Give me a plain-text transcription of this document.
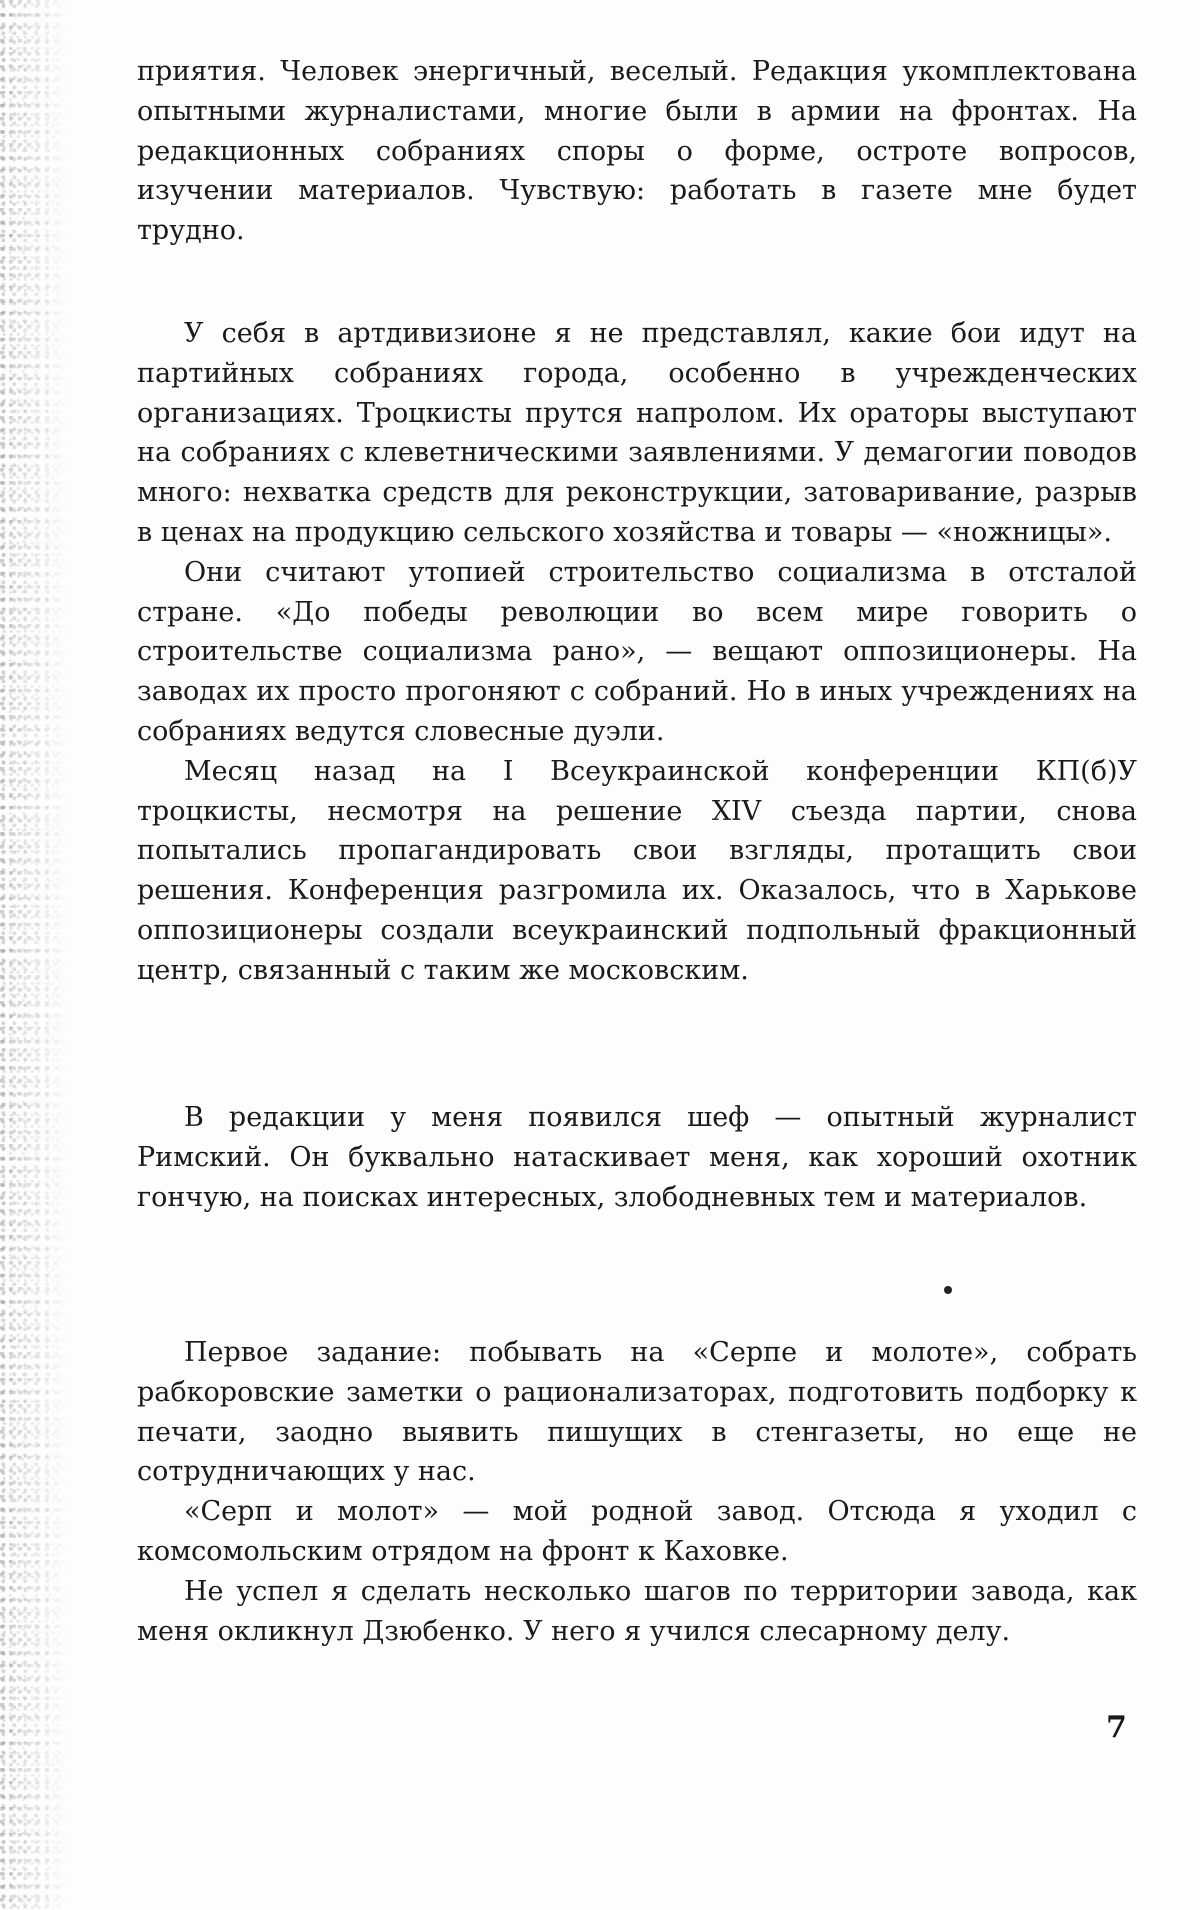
приятия. Человек энергичный, веселый. Редакция укомплектована опытными журналистами, многие были в армии на фронтах. На редакционных собраниях споры о форме, остроте вопросов, изучении материалов. Чувствую: работать в газете мне будет трудно.

У себя в артдивизионе я не представлял, какие бои идут на партийных собраниях города, особенно в учрежденческих организациях. Троцкисты прутся напролом. Их ораторы выступают на собраниях с клеветническими заявлениями. У демагогии поводов много: нехватка средств для реконструкции, затоваривание, разрыв в ценах на продукцию сельского хозяйства и товары — «ножницы».

Они считают утопией строительство социализма в отсталой стране. «До победы революции во всем мире говорить о строительстве социализма рано», — вещают оппозиционеры. На заводах их просто прогоняют с собраний. Но в иных учреждениях на собраниях ведутся словесные дуэли.

Месяц назад на I Всеукраинской конференции КП(б)У троцкисты, несмотря на решение XIV съезда партии, снова попытались пропагандировать свои взгляды, протащить свои решения. Конференция разгромила их. Оказалось, что в Харькове оппозиционеры создали всеукраинский подпольный фракционный центр, связанный с таким же московским.

В редакции у меня появился шеф — опытный журналист Римский. Он буквально натаскивает меня, как хороший охотник гончую, на поисках интересных, злободневных тем и материалов.

Первое задание: побывать на «Серпе и молоте», собрать рабкоровские заметки о рационализаторах, подготовить подборку к печати, заодно выявить пишущих в стенгазеты, но еще не сотрудничающих у нас.

«Серп и молот» — мой родной завод. Отсюда я уходил с комсомольским отрядом на фронт к Каховке.

Не успел я сделать несколько шагов по территории завода, как меня окликнул Дзюбенко. У него я учился слесарному делу.

7
